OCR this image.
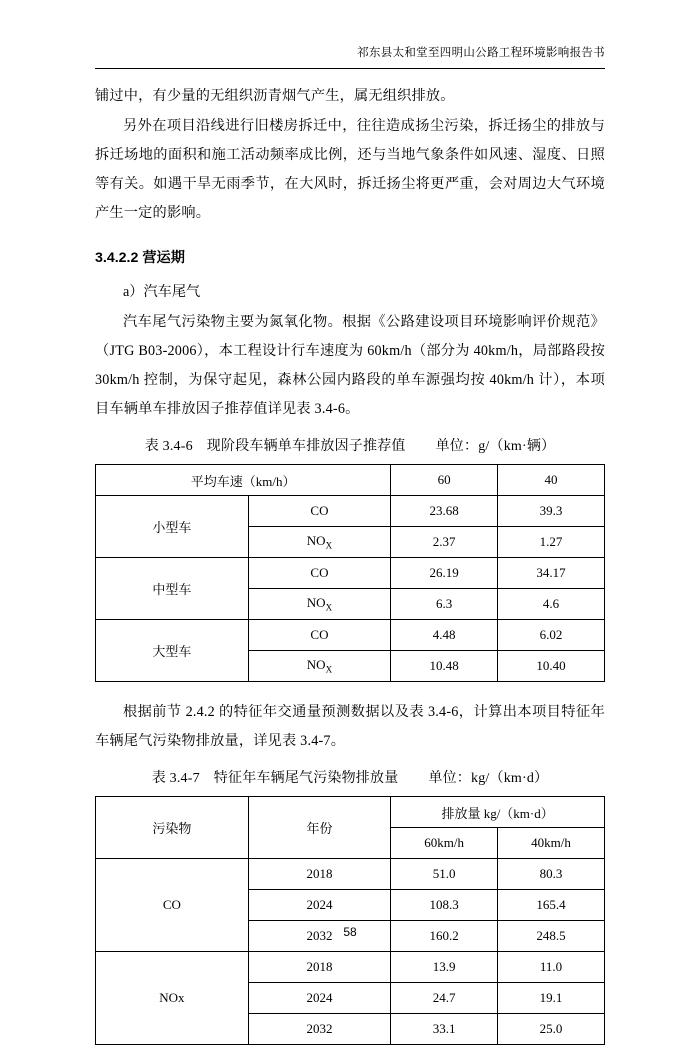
祁东县太和堂至四明山公路工程环境影响报告书

铺过中，有少量的无组织沥青烟气产生，属无组织排放。

另外在项目沿线进行旧楼房拆迁中，往往造成扬尘污染，拆迁扬尘的排放与拆迁场地的面积和施工活动频率成比例，还与当地气象条件如风速、湿度、日照等有关。如遇干旱无雨季节，在大风时，拆迁扬尘将更严重，会对周边大气环境产生一定的影响。

3.4.2.2 营运期

a）汽车尾气

汽车尾气污染物主要为氮氧化物。根据《公路建设项目环境影响评价规范》（JTG B03-2006），本工程设计行车速度为 60km/h（部分为 40km/h，局部路段按 30km/h 控制，为保守起见，森林公园内路段的单车源强均按 40km/h 计），本项目车辆单车排放因子推荐值详见表 3.4-6。

表 3.4-6 现阶段车辆单车排放因子推荐值 单位：g/（km·辆）
平均车速（km/h）		60	40
小型车	CO	23.68	39.3
	$NO_X$	2.37	1.27
中型车	CO	26.19	34.17
	$NO_X$	6.3	4.6
大型车	CO	4.48	6.02
	$NO_X$	10.48	10.40

根据前节 2.4.2 的特征年交通量预测数据以及表 3.4-6，计算出本项目特征年车辆尾气污染物排放量，详见表 3.4-7。

表 3.4-7 特征年车辆尾气污染物排放量 单位：kg/（km·d）
污染物	年份	排放量 kg/（km·d）	
		60km/h	40km/h
CO	2018	51.0	80.3
	2024	108.3	165.4
	2032	160.2	248.5
NOx	2018	13.9	11.0
	2024	24.7	19.1
	2032	33.1	25.0
58
